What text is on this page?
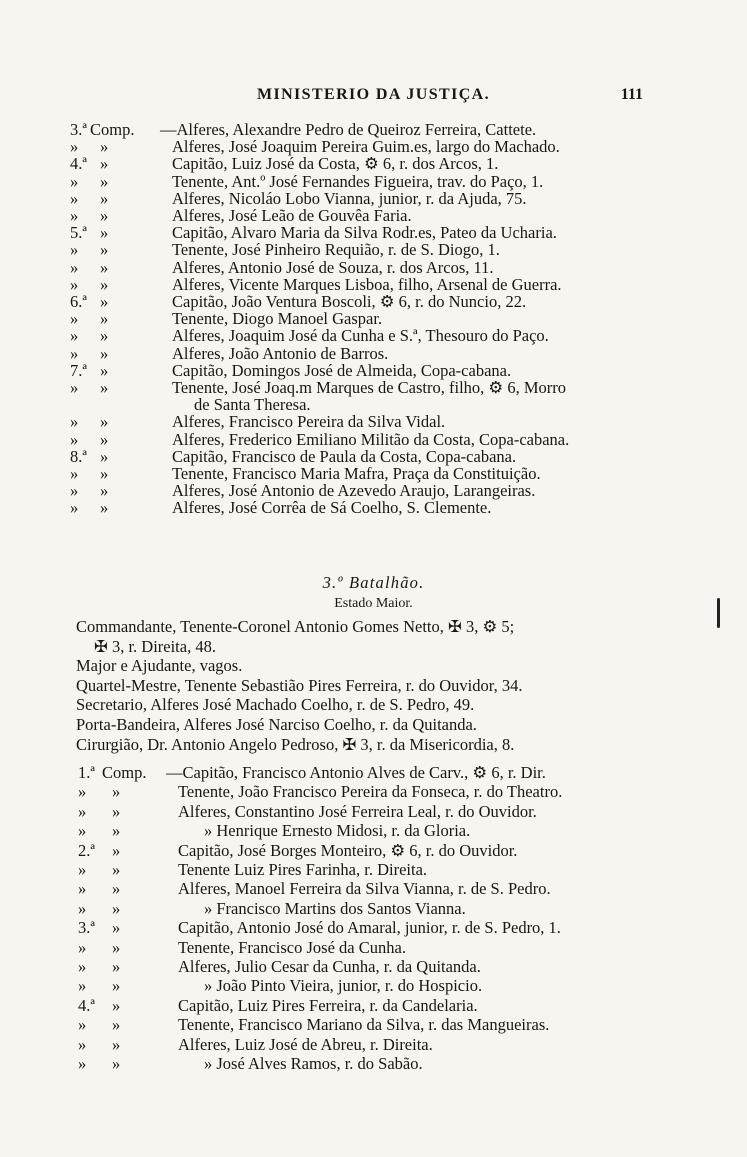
MINISTERIO DA JUSTIÇA.	111
3.ª Comp. —Alferes, Alexandre Pedro de Queiroz Ferreira, Cattete.
» »	Alferes, José Joaquim Pereira Guim.es, largo do Machado.
4.ª »	Capitão, Luiz José da Costa, ⚙ 6, r. dos Arcos, 1.
» »	Tenente, Ant.º José Fernandes Figueira, trav. do Paço, 1.
» »	Alferes, Nicoláo Lobo Vianna, junior, r. da Ajuda, 75.
» »	Alferes, José Leão de Gouvêa Faria.
5.ª »	Capitão, Alvaro Maria da Silva Rodr.es, Pateo da Ucharia.
» »	Tenente, José Pinheiro Requião, r. de S. Diogo, 1.
» »	Alferes, Antonio José de Souza, r. dos Arcos, 11.
» »	Alferes, Vicente Marques Lisboa, filho, Arsenal de Guerra.
6.ª »	Capitão, João Ventura Boscoli, ⚙ 6, r. do Nuncio, 22.
» »	Tenente, Diogo Manoel Gaspar.
» »	Alferes, Joaquim José da Cunha e S.ª, Thesouro do Paço.
» »	Alferes, João Antonio de Barros.
7.ª »	Capitão, Domingos José de Almeida, Copa-cabana.
» »	Tenente, José Joaq.m Marques de Castro, filho, ⚙ 6, Morro
de Santa Theresa.
» »	Alferes, Francisco Pereira da Silva Vidal.
» »	Alferes, Frederico Emiliano Militão da Costa, Copa-cabana.
8.ª »	Capitão, Francisco de Paula da Costa, Copa-cabana.
» »	Tenente, Francisco Maria Mafra, Praça da Constituição.
» »	Alferes, José Antonio de Azevedo Araujo, Larangeiras.
» »	Alferes, José Corrêa de Sá Coelho, S. Clemente.
3.º Batalhão.
Estado Maior.
Commandante, Tenente-Coronel Antonio Gomes Netto, ✠ 3, ⚙ 5;
✠ 3, r. Direita, 48.
Major e Ajudante, vagos.
Quartel-Mestre, Tenente Sebastião Pires Ferreira, r. do Ouvidor, 34.
Secretario, Alferes José Machado Coelho, r. de S. Pedro, 49.
Porta-Bandeira, Alferes José Narciso Coelho, r. da Quitanda.
Cirurgião, Dr. Antonio Angelo Pedroso, ✠ 3, r. da Misericordia, 8.
1.ª Comp. —Capitão, Francisco Antonio Alves de Carv., ⚙ 6, r. Dir.
» »	Tenente, João Francisco Pereira da Fonseca, r. do Theatro.
» »	Alferes, Constantino José Ferreira Leal, r. do Ouvidor.
» »	» Henrique Ernesto Midosi, r. da Gloria.
2.ª »	Capitão, José Borges Monteiro, ⚙ 6, r. do Ouvidor.
» »	Tenente Luiz Pires Farinha, r. Direita.
» »	Alferes, Manoel Ferreira da Silva Vianna, r. de S. Pedro.
» »	» Francisco Martins dos Santos Vianna.
3.ª »	Capitão, Antonio José do Amaral, junior, r. de S. Pedro, 1.
» »	Tenente, Francisco José da Cunha.
» »	Alferes, Julio Cesar da Cunha, r. da Quitanda.
» »	» João Pinto Vieira, junior, r. do Hospicio.
4.ª »	Capitão, Luiz Pires Ferreira, r. da Candelaria.
» »	Tenente, Francisco Mariano da Silva, r. das Mangueiras.
» »	Alferes, Luiz José de Abreu, r. Direita.
» »	» José Alves Ramos, r. do Sabão.
